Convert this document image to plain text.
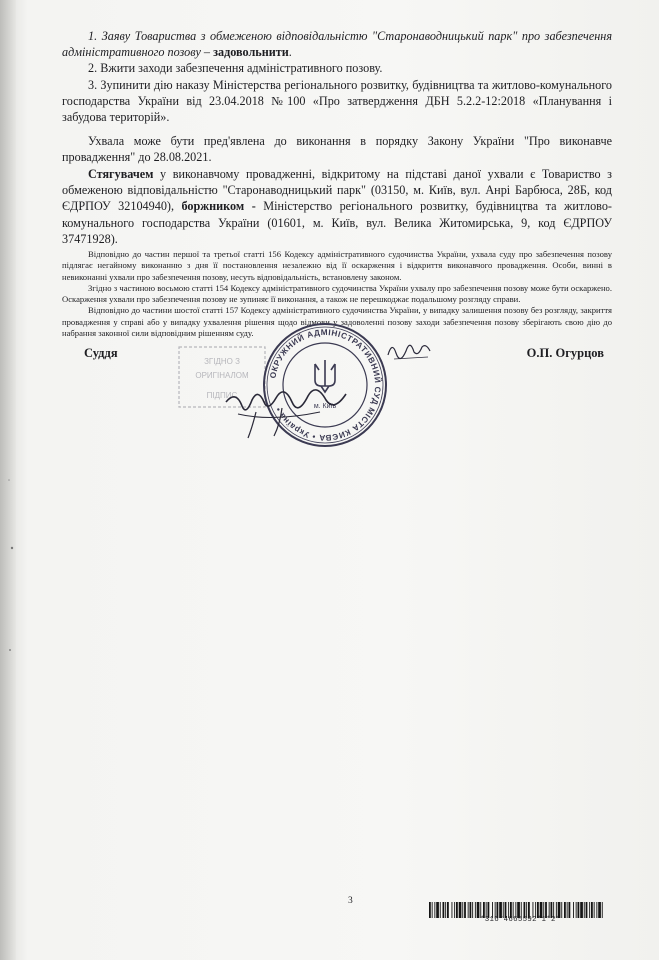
1. Заяву Товариства з обмеженою відповідальністю "Старонаводницький парк" про забезпечення адміністративного позову – задовольнити.
2. Вжити заходи забезпечення адміністративного позову.
3. Зупинити дію наказу Міністерства регіонального розвитку, будівництва та житлово-комунального господарства України від 23.04.2018 №100 «Про затвердження ДБН 5.2.2-12:2018 «Планування і забудова територій».
Ухвала може бути пред'явлена до виконання в порядку Закону України "Про виконавче провадження" до 28.08.2021.
Стягувачем у виконавчому провадженні, відкритому на підставі даної ухвали є Товариство з обмеженою відповідальністю "Старонаводницький парк" (03150, м. Київ, вул. Анрі Барбюса, 28Б, код ЄДРПОУ 32104940), боржником - Міністерство регіонального розвитку, будівництва та житлово-комунального господарства України (01601, м. Київ, вул. Велика Житомирська, 9, код ЄДРПОУ 37471928).

Відповідно до частин першої та третьої статті 156 Кодексу адміністративного судочинства України, ухвала суду про забезпечення позову підлягає негайному виконанню з дня її постановлення незалежно від її оскарження і відкриття виконавчого провадження. Особи, винні в невиконанні ухвали про забезпечення позову, несуть відповідальність, встановлену законом.

Згідно з частиною восьмою статті 154 Кодексу адміністративного судочинства України ухвалу про забезпечення позову може бути оскаржено. Оскарження ухвали про забезпечення позову не зупиняє її виконання, а також не перешкоджає подальшому розгляду справи.

Відповідно до частини шостої статті 157 Кодексу адміністративного судочинства України, у випадку залишення позову без розгляду, закриття провадження у справі або у випадку ухвалення рішення щодо відмови у задоволенні позову заходи забезпечення позову зберігають свою дію до набрання законної сили відповідним рішенням суду.

ЗГІДНО З
ОРИГІНАЛОМ
ПІДПИС
Суддя	О.П. Огурцов
ОКРУЖНИЙ АДМІНІСТРАТИВНИЙ СУД МІСТА КИЄВА • Україна •	м. Київ
3
*316*4665592*1*2*
